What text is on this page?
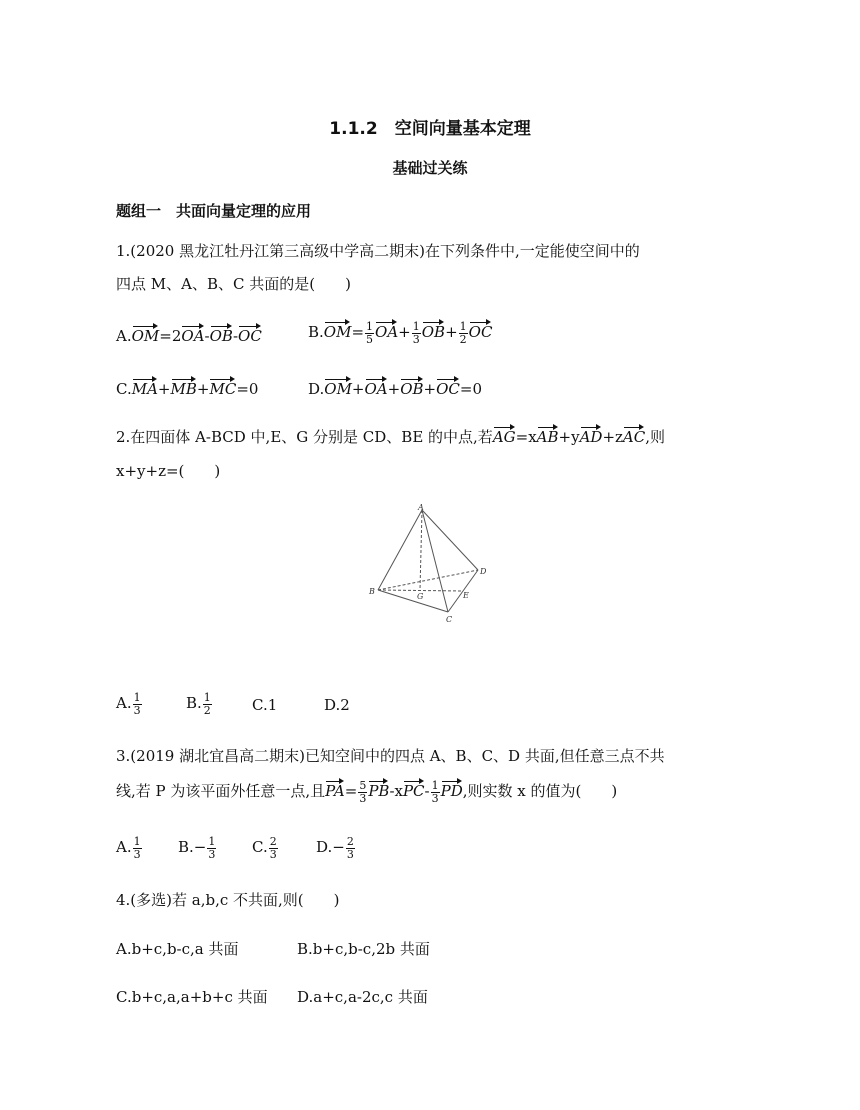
1.1.2　空间向量基本定理
基础过关练
题组一　共面向量定理的应用
1.(2020 黑龙江牡丹江第三高级中学高二期末)在下列条件中,一定能使空间中的
四点 M、A、B、C 共面的是(　　)
A.OM=2OA-OB-OC	$B.OM= \frac{1}{5} OA+ \frac{1}{3} OB+ \frac{1}{2}$ OC
C.MA+MB+MC=0	D.OM+OA+OB+OC=0
2.在四面体 A-BCD 中,E、G 分别是 CD、BE 的中点,若AG=xAB+yAD+zAC,则
x+y+z=(　　)
A
B
C
D
E
G
A. $\frac{1}{3}$	B. $\frac{1}{2}$	C.1	D.2
3.(2019 湖北宜昌高二期末)已知空间中的四点 A、B、C、D 共面,但任意三点不共
线,若 P 为该平面外任意一点,且$PA= \frac{5}{3} PB-xPC- \frac{1}{3}$ PD,则实数 x 的值为(　　)
A. $\frac{1}{3} B.- \frac{1}{3} C$. $\frac{2}{3}$	$D.- \frac{2}{3}$
4.(多选)若 a,b,c 不共面,则(　　)
A.b+c,b-c,a 共面	B.b+c,b-c,2b 共面
C.b+c,a,a+b+c 共面 D.a+c,a-2c,c 共面
